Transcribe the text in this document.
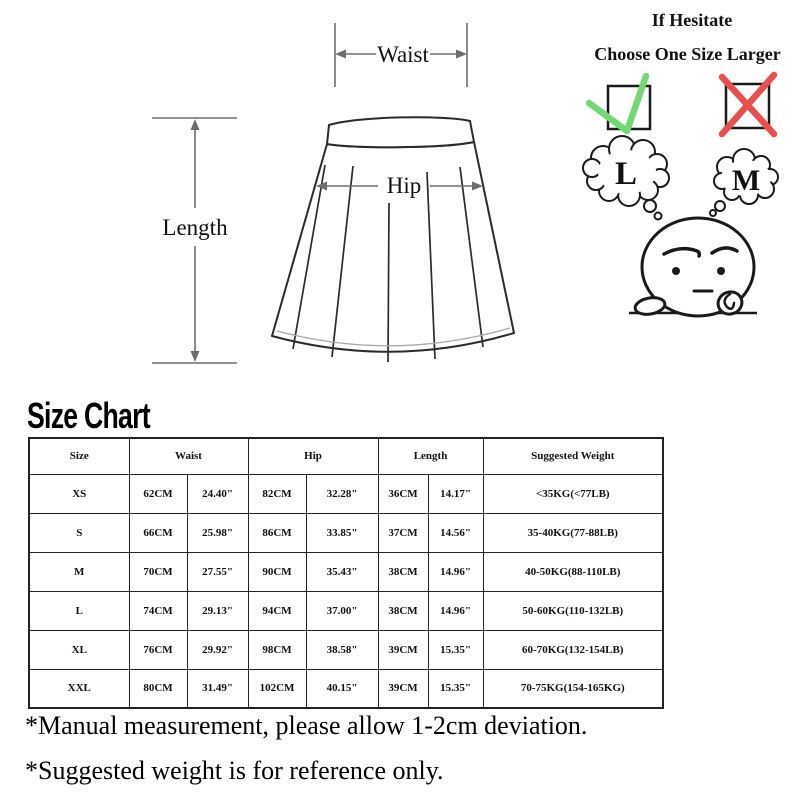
Waist
Length
Hip	L	M
If Hesitate
Choose One Size Larger
Size Chart
Size	Waist		Hip		Length		Suggested Weight
XS	62CM	24.40"	82CM	32.28"	36CM	14.17"	<35KG(<77LB)
S	66CM	25.98"	86CM	33.85"	37CM	14.56"	35-40KG(77-88LB)
M	70CM	27.55"	90CM	35.43"	38CM	14.96"	40-50KG(88-110LB)
L	74CM	29.13"	94CM	37.00"	38CM	14.96"	50-60KG(110-132LB)
XL	76CM	29.92"	98CM	38.58"	39CM	15.35"	60-70KG(132-154LB)
XXL	80CM	31.49"	102CM	40.15"	39CM	15.35"	70-75KG(154-165KG)
*Manual measurement, please allow 1-2cm deviation.
*Suggested weight is for reference only.
